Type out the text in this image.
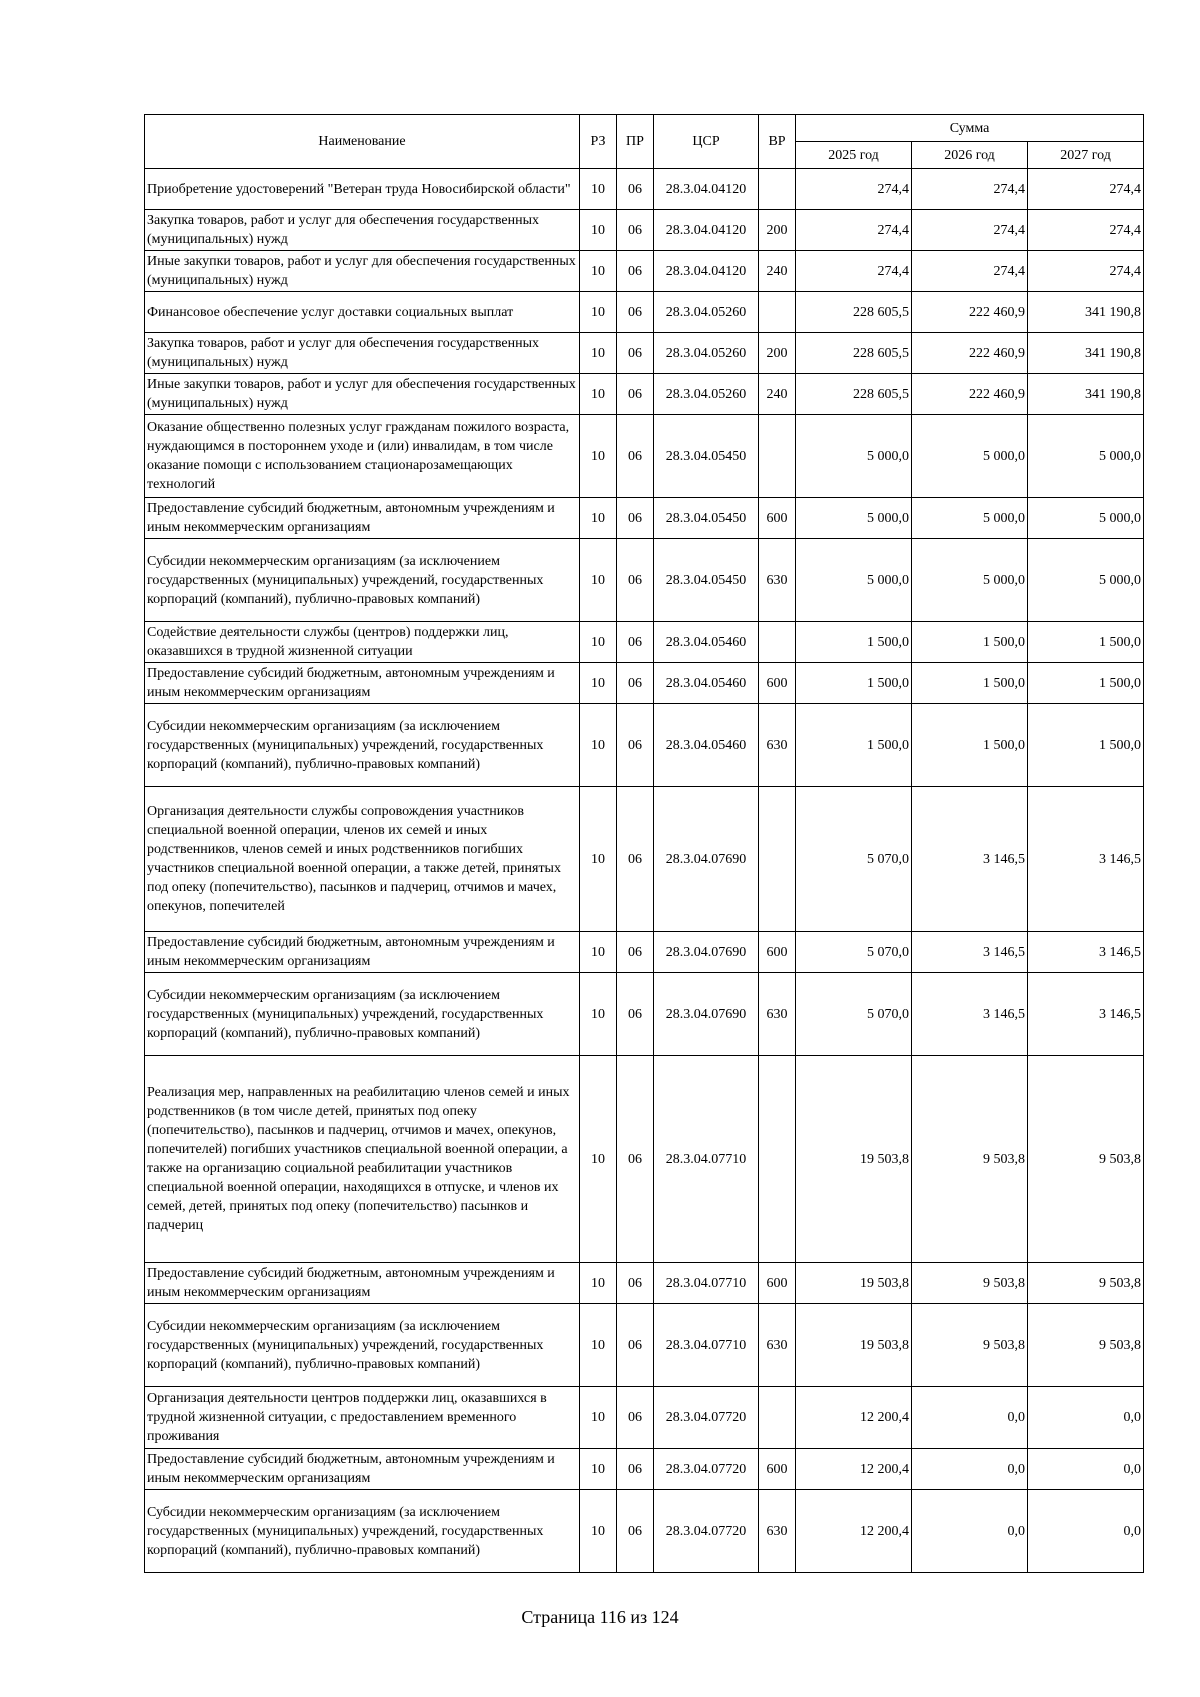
Наименование	РЗ	ПР	ЦСР	ВР	Сумма		
					2025 год	2026 год	2027 год
Приобретение удостоверений "Ветеран труда Новосибирской области"	10	06	28.3.04.04120		274,4	274,4	274,4
Закупка товаров, работ и услуг для обеспечения государственных (муниципальных) нужд	10	06	28.3.04.04120	200	274,4	274,4	274,4
Иные закупки товаров, работ и услуг для обеспечения государственных (муниципальных) нужд	10	06	28.3.04.04120	240	274,4	274,4	274,4
Финансовое обеспечение услуг доставки социальных выплат	10	06	28.3.04.05260		228 605,5	222 460,9	341 190,8
Закупка товаров, работ и услуг для обеспечения государственных (муниципальных) нужд	10	06	28.3.04.05260	200	228 605,5	222 460,9	341 190,8
Иные закупки товаров, работ и услуг для обеспечения государственных (муниципальных) нужд	10	06	28.3.04.05260	240	228 605,5	222 460,9	341 190,8
Оказание общественно полезных услуг гражданам пожилого возраста, нуждающимся в постороннем уходе и (или) инвалидам, в том числе оказание помощи с использованием стационарозамещающих технологий	10	06	28.3.04.05450		5 000,0	5 000,0	5 000,0
Предоставление субсидий бюджетным, автономным учреждениям и иным некоммерческим организациям	10	06	28.3.04.05450	600	5 000,0	5 000,0	5 000,0
Субсидии некоммерческим организациям (за исключением государственных (муниципальных) учреждений, государственных корпораций (компаний), публично-правовых компаний)	10	06	28.3.04.05450	630	5 000,0	5 000,0	5 000,0
Содействие деятельности службы (центров) поддержки лиц, оказавшихся в трудной жизненной ситуации	10	06	28.3.04.05460		1 500,0	1 500,0	1 500,0
Предоставление субсидий бюджетным, автономным учреждениям и иным некоммерческим организациям	10	06	28.3.04.05460	600	1 500,0	1 500,0	1 500,0
Субсидии некоммерческим организациям (за исключением государственных (муниципальных) учреждений, государственных корпораций (компаний), публично-правовых компаний)	10	06	28.3.04.05460	630	1 500,0	1 500,0	1 500,0
Организация деятельности службы сопровождения участников специальной военной операции, членов их семей и иных родственников, членов семей и иных родственников погибших участников специальной военной операции, а также детей, принятых под опеку (попечительство), пасынков и падчериц, отчимов и мачех, опекунов, попечителей	10	06	28.3.04.07690		5 070,0	3 146,5	3 146,5
Предоставление субсидий бюджетным, автономным учреждениям и иным некоммерческим организациям	10	06	28.3.04.07690	600	5 070,0	3 146,5	3 146,5
Субсидии некоммерческим организациям (за исключением государственных (муниципальных) учреждений, государственных корпораций (компаний), публично-правовых компаний)	10	06	28.3.04.07690	630	5 070,0	3 146,5	3 146,5
Реализация мер, направленных на реабилитацию членов семей и иных родственников (в том числе детей, принятых под опеку (попечительство), пасынков и падчериц, отчимов и мачех, опекунов, попечителей) погибших участников специальной военной операции, а также на организацию социальной реабилитации участников специальной военной операции, находящихся в отпуске, и членов их семей, детей, принятых под опеку (попечительство) пасынков и падчериц	10	06	28.3.04.07710		19 503,8	9 503,8	9 503,8
Предоставление субсидий бюджетным, автономным учреждениям и иным некоммерческим организациям	10	06	28.3.04.07710	600	19 503,8	9 503,8	9 503,8
Субсидии некоммерческим организациям (за исключением государственных (муниципальных) учреждений, государственных корпораций (компаний), публично-правовых компаний)	10	06	28.3.04.07710	630	19 503,8	9 503,8	9 503,8
Организация деятельности центров поддержки лиц, оказавшихся в трудной жизненной ситуации, с предоставлением временного проживания	10	06	28.3.04.07720		12 200,4	0,0	0,0
Предоставление субсидий бюджетным, автономным учреждениям и иным некоммерческим организациям	10	06	28.3.04.07720	600	12 200,4	0,0	0,0
Субсидии некоммерческим организациям (за исключением государственных (муниципальных) учреждений, государственных корпораций (компаний), публично-правовых компаний)	10	06	28.3.04.07720	630	12 200,4	0,0	0,0
Страница 116 из 124
